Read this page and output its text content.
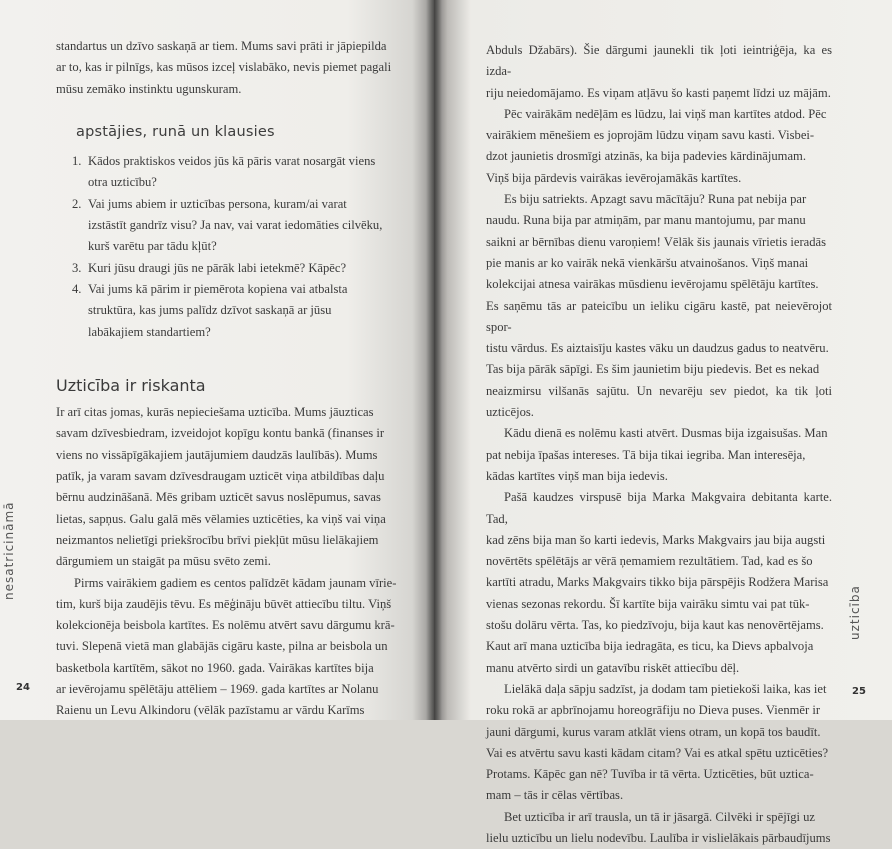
standartus un dzīvo saskaņā ar tiem. Mums savi prāti ir jāpiepilda

ar to, kas ir pilnīgs, kas mūsos izceļ vislabāko, nevis piemet pagali

mūsu zemāko instinktu ugunskuram.

apstājies, runā un klausies
1. Kādos praktiskos veidos jūs kā pāris varat nosargāt viens
otra uzticību?
2. Vai jums abiem ir uzticības persona, kuram/ai varat
izstāstīt gandrīz visu? Ja nav, vai varat iedomāties cilvēku,
kurš varētu par tādu kļūt?
3. Kuri jūsu draugi jūs ne pārāk labi ietekmē? Kāpēc?
4. Vai jums kā pārim ir piemērota kopiena vai atbalsta
struktūra, kas jums palīdz dzīvot saskaņā ar jūsu
labākajiem standartiem?
Uzticība ir riskanta

Ir arī citas jomas, kurās nepieciešama uzticība. Mums jāuzticas

savam dzīvesbiedram, izveidojot kopīgu kontu bankā (finanses ir

viens no vissāpīgākajiem jautājumiem daudzās laulībās). Mums

patīk, ja varam savam dzīvesdraugam uzticēt viņa atbildības daļu

bērnu audzināšanā. Mēs gribam uzticēt savus noslēpumus, savas

lietas, sapņus. Galu galā mēs vēlamies uzticēties, ka viņš vai viņa

neizmantos nelietīgi priekšrocību brīvi piekļūt mūsu lielākajiem

dārgumiem un staigāt pa mūsu svēto zemi.

Pirms vairākiem gadiem es centos palīdzēt kādam jaunam vīrie-

tim, kurš bija zaudējis tēvu. Es mēģināju būvēt attiecību tiltu. Viņš

kolekcionēja beisbola kartītes. Es nolēmu atvērt savu dārgumu krā-

tuvi. Slepenā vietā man glabājās cigāru kaste, pilna ar beisbola un

basketbola kartītēm, sākot no 1960. gada. Vairākas kartītes bija

ar ievērojamu spēlētāju attēliem – 1969. gada kartītes ar Nolanu

Raienu un Levu Alkindoru (vēlāk pazīstamu ar vārdu Karīms

nesatricināmā
24

Abduls Džabārs). Šie dārgumi jaunekli tik ļoti ieintriģēja, ka es izda-

riju neiedomājamo. Es viņam atļāvu šo kasti paņemt līdzi uz mājām.

Pēc vairākām nedēļām es lūdzu, lai viņš man kartītes atdod. Pēc

vairākiem mēnešiem es joprojām lūdzu viņam savu kasti. Visbei-

dzot jaunietis drosmīgi atzinās, ka bija padevies kārdinājumam.

Viņš bija pārdevis vairākas ievērojamākās kartītes.

Es biju satriekts. Apzagt savu mācītāju? Runa pat nebija par

naudu. Runa bija par atmiņām, par manu mantojumu, par manu

saikni ar bērnības dienu varoņiem! Vēlāk šis jaunais vīrietis ieradās

pie manis ar ko vairāk nekā vienkāršu atvainošanos. Viņš manai

kolekcijai atnesa vairākas mūsdienu ievērojamu spēlētāju kartītes.

Es saņēmu tās ar pateicību un ieliku cigāru kastē, pat neievērojot spor-

tistu vārdus. Es aiztaisīju kastes vāku un daudzus gadus to neatvēru.

Tas bija pārāk sāpīgi. Es šim jaunietim biju piedevis. Bet es nekad

neaizmirsu vilšanās sajūtu. Un nevarēju sev piedot, ka tik ļoti uzticējos.

Kādu dienā es nolēmu kasti atvērt. Dusmas bija izgaisušas. Man

pat nebija īpašas intereses. Tā bija tikai iegriba. Man interesēja,

kādas kartītes viņš man bija iedevis.

Pašā kaudzes virspusē bija Marka Makgvaira debitanta karte. Tad,

kad zēns bija man šo karti iedevis, Marks Makgvairs jau bija augsti

novērtēts spēlētājs ar vērā ņemamiem rezultātiem. Tad, kad es šo

kartīti atradu, Marks Makgvairs tikko bija pārspējis Rodžera Marisa

vienas sezonas rekordu. Šī kartīte bija vairāku simtu vai pat tūk-

stošu dolāru vērta. Tas, ko piedzīvoju, bija kaut kas nenovērtējams.

Kaut arī mana uzticība bija iedragāta, es ticu, ka Dievs apbalvoja

manu atvērto sirdi un gatavību riskēt attiecību dēļ.

Lielākā daļa sāpju sadzīst, ja dodam tam pietiekoši laika, kas iet

roku rokā ar apbrīnojamu horeogrāfiju no Dieva puses. Vienmēr ir

jauni dārgumi, kurus varam atklāt viens otram, un kopā tos baudīt.

Vai es atvērtu savu kasti kādam citam? Vai es atkal spētu uzticēties?

Protams. Kāpēc gan nē? Tuvība ir tā vērta. Uzticēties, būt uzticа-

mam – tās ir cēlas vērtības.

Bet uzticība ir arī trausla, un tā ir jāsargā. Cilvēki ir spējīgi uz

lielu uzticību un lielu nodevību. Laulība ir vislielākais pārbaudījums

uzticība
25
